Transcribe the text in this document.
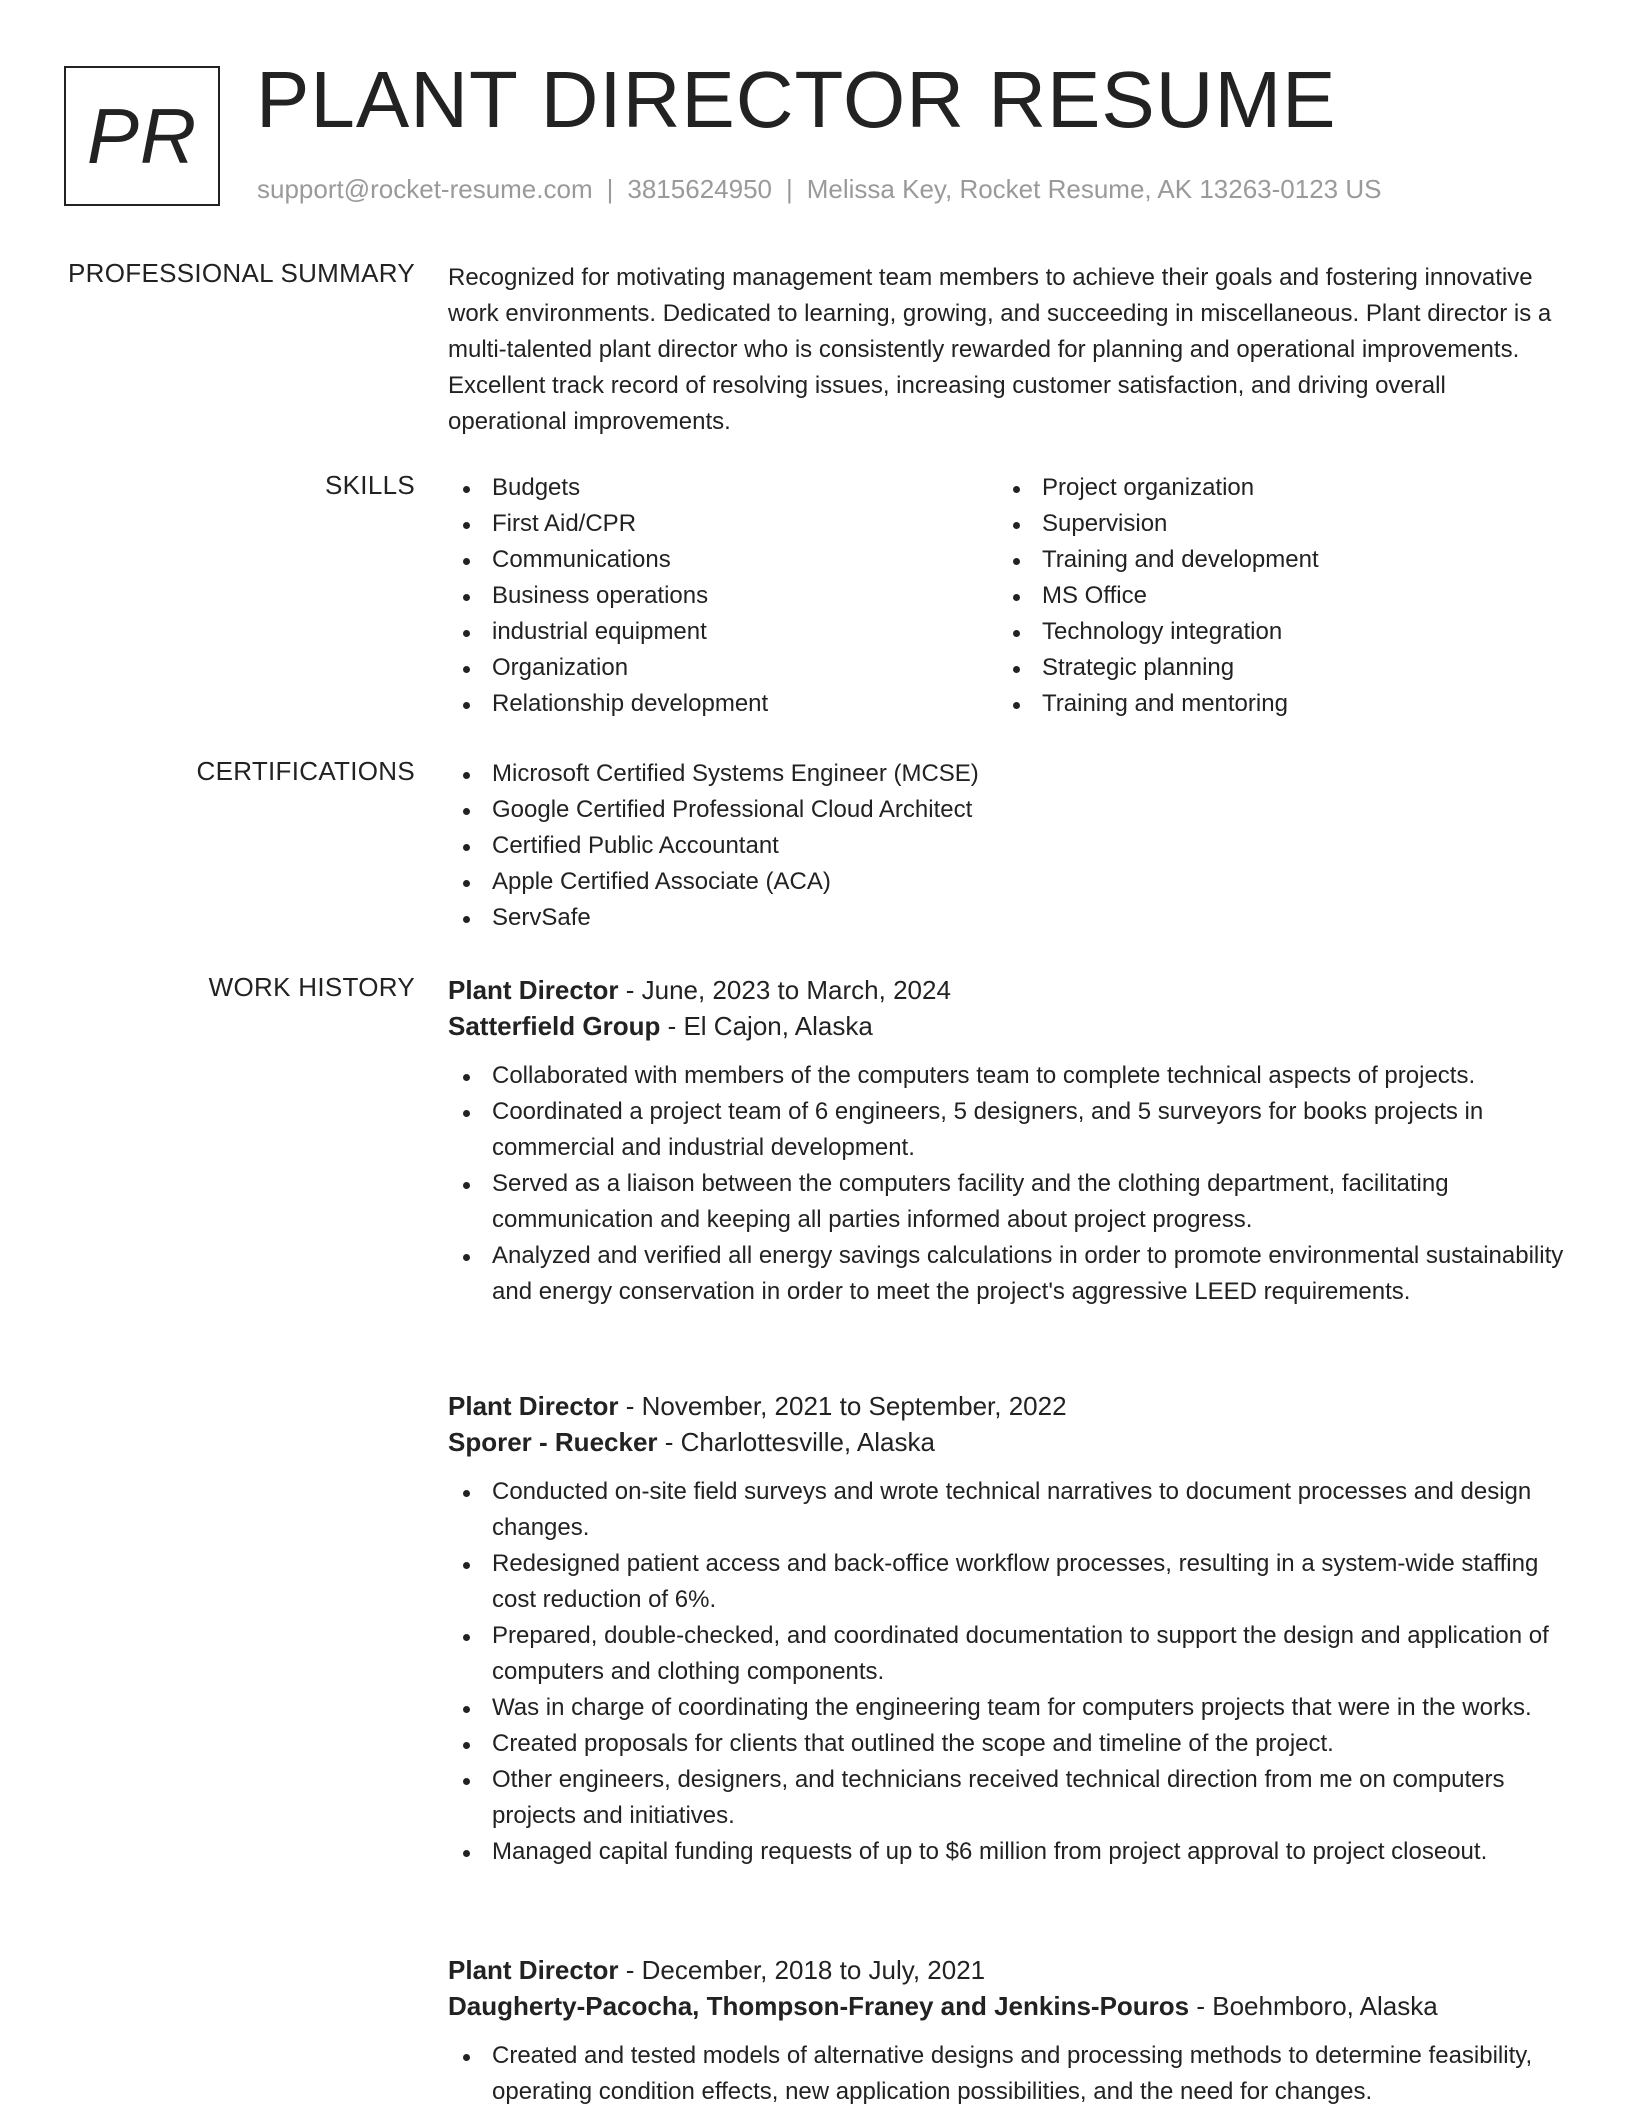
PR PLANT DIRECTOR RESUME
support@rocket-resume.com | 3815624950 | Melissa Key, Rocket Resume, AK 13263-0123 US
PROFESSIONAL SUMMARY Recognized for motivating management team members to achieve their goals and fostering innovative work environments. Dedicated to learning, growing, and succeeding in miscellaneous. Plant director is a multi-talented plant director who is consistently rewarded for planning and operational improvements. Excellent track record of resolving issues, increasing customer satisfaction, and driving overall operational improvements.

SKILLS	Budgets
First Aid/CPR
Communications
Business operations
industrial equipment
Organization
Relationship development
Project organization
Supervision
Training and development
MS Office
Technology integration
Strategic planning
Training and mentoring
CERTIFICATIONS	Microsoft Certified Systems Engineer (MCSE)
Google Certified Professional Cloud Architect
Certified Public Accountant
Apple Certified Associate (ACA)
ServSafe
WORK HISTORY Plant Director - June, 2023 to March, 2024
Satterfield Group - El Cajon, Alaska
Collaborated with members of the computers team to complete technical aspects of projects.
Coordinated a project team of 6 engineers, 5 designers, and 5 surveyors for books projects in commercial and industrial development.
Served as a liaison between the computers facility and the clothing department, facilitating communication and keeping all parties informed about project progress.
Analyzed and verified all energy savings calculations in order to promote environmental sustainability and energy conservation in order to meet the project's aggressive LEED requirements.
Plant Director - November, 2021 to September, 2022
Sporer - Ruecker - Charlottesville, Alaska
Conducted on-site field surveys and wrote technical narratives to document processes and design changes.
Redesigned patient access and back-office workflow processes, resulting in a system-wide staffing cost reduction of 6%.
Prepared, double-checked, and coordinated documentation to support the design and application of computers and clothing components.
Was in charge of coordinating the engineering team for computers projects that were in the works.
Created proposals for clients that outlined the scope and timeline of the project.
Other engineers, designers, and technicians received technical direction from me on computers projects and initiatives.
Managed capital funding requests of up to $6 million from project approval to project closeout.
Plant Director - December, 2018 to July, 2021
Daugherty-Pacocha, Thompson-Franey and Jenkins-Pouros - Boehmboro, Alaska
Created and tested models of alternative designs and processing methods to determine feasibility, operating condition effects, new application possibilities, and the need for changes.
